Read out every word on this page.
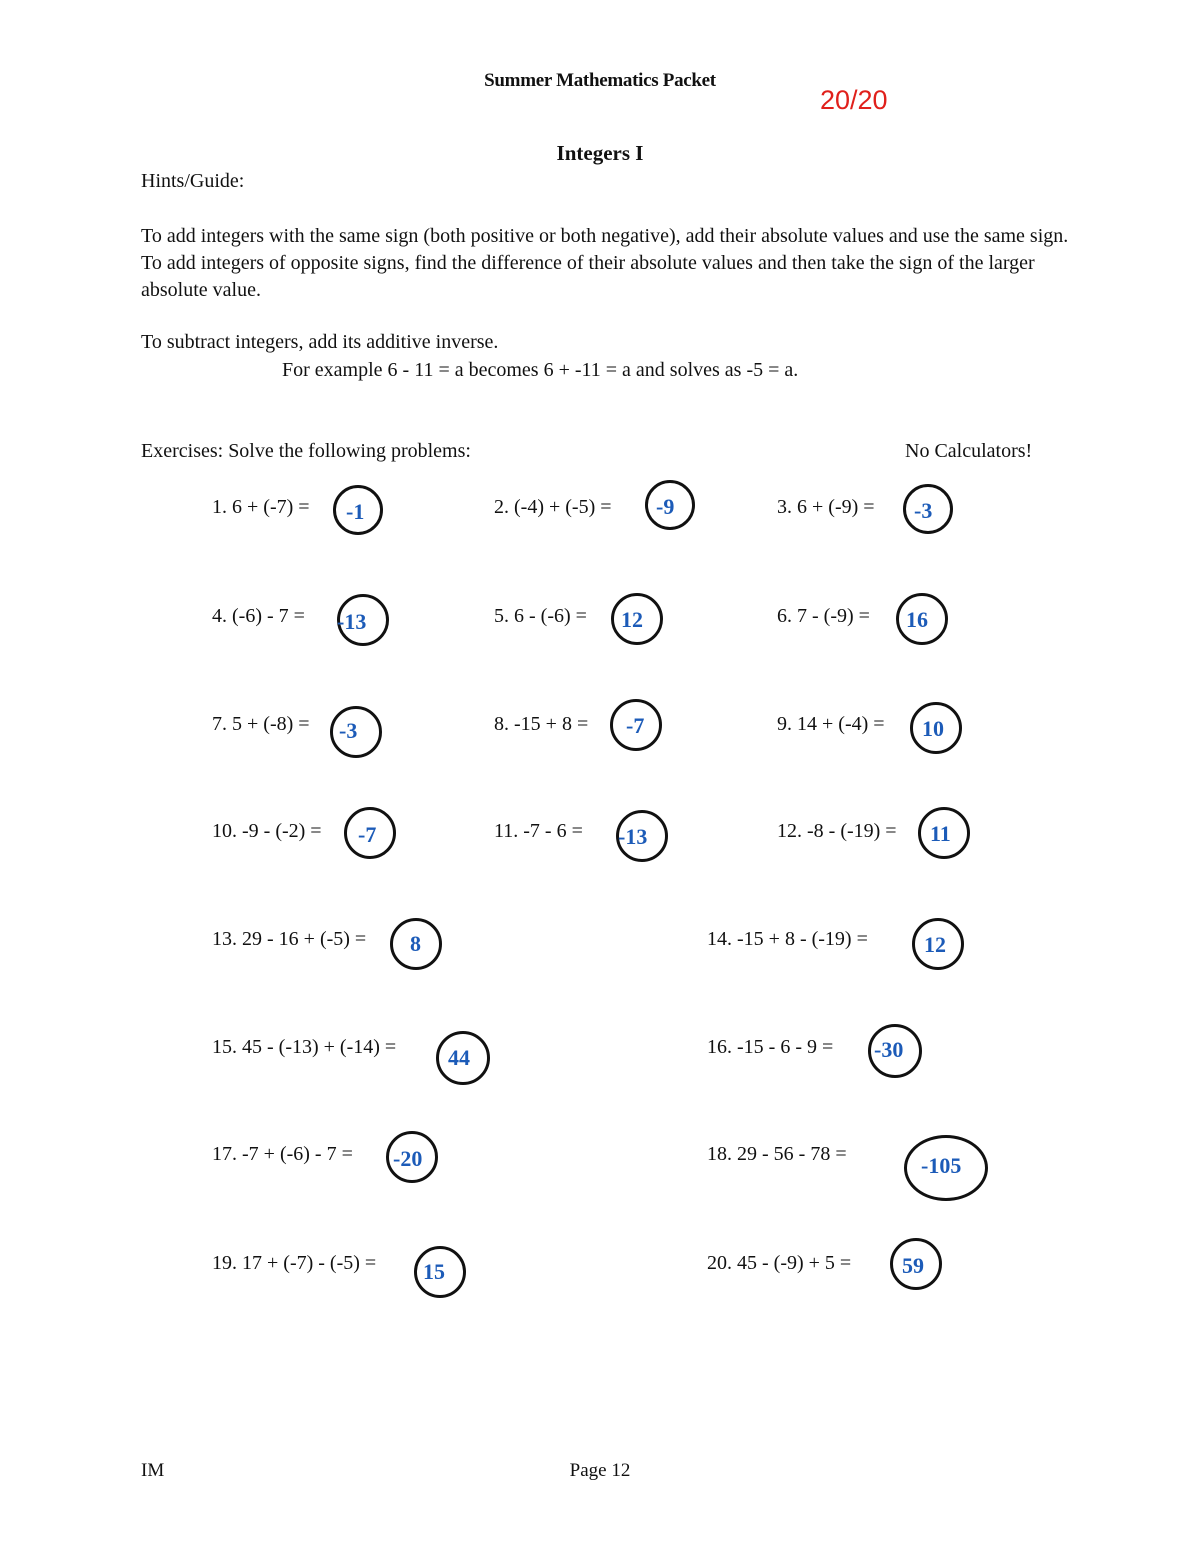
Summer Mathematics Packet
20/20
Integers I
Hints/Guide:
To add integers with the same sign (both positive or both negative), add their absolute values and use the same sign. To add integers of opposite signs, find the difference of their absolute values and then take the sign of the larger absolute value.
To subtract integers, add its additive inverse.
For example 6 - 11 = a becomes 6 + -11 = a and solves as -5 = a.
Exercises: Solve the following problems:	No Calculators!
1. 6 + (-7) = -1	2. (-4) + (-5) = -9	3. 6 + (-9) = -3
4. (-6) - 7 = -13	5. 6 - (-6) = 12	6. 7 - (-9) = 16
7. 5 + (-8) = -3	8. -15 + 8 = -7	9. 14 + (-4) = 10
10. -9 - (-2) = -7	11. -7 - 6 = -13	12. -8 - (-19) = 11
13. 29 - 16 + (-5) = 8	14. -15 + 8 - (-19) =	12
15. 45 - (-13) + (-14) = 44	16. -15 - 6 - 9 = -30
17. -7 + (-6) - 7 = -20	18. 29 - 56 - 78 =	-105
19. 17 + (-7) - (-5) = 15	20. 45 - (-9) + 5 = 59
IM	Page 12
